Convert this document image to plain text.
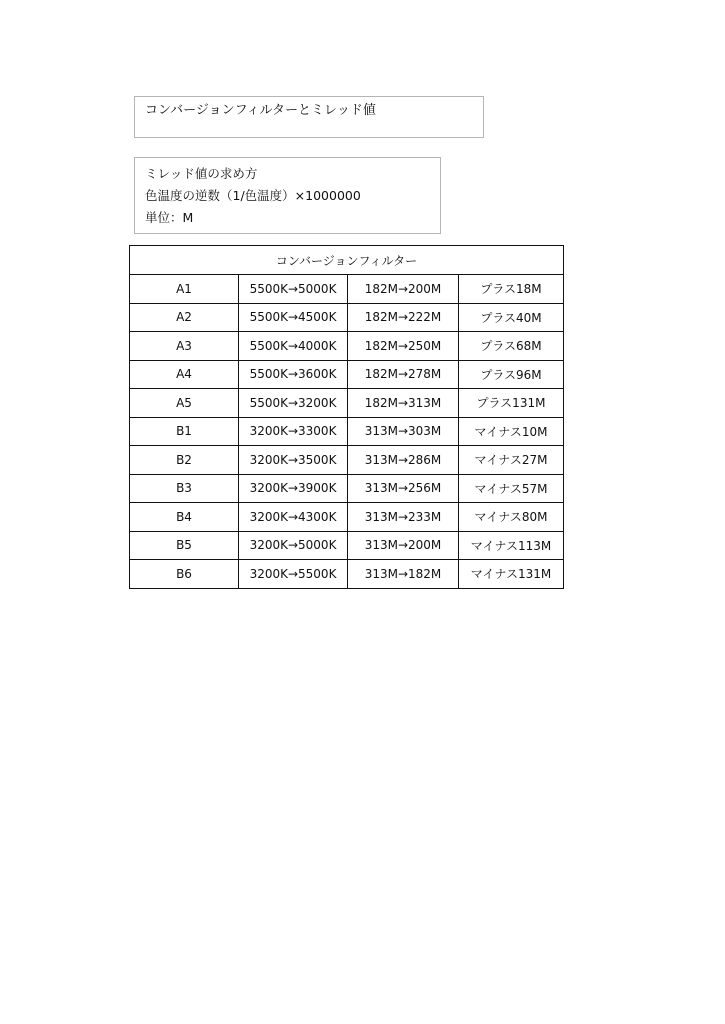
コンバージョンフィルターとミレッド値
ミレッド値の求め方
色温度の逆数（1/色温度）×1000000
単位：M
コンバージョンフィルター			
A1	5500K→5000K	182M→200M	プラス18M
A2	5500K→4500K	182M→222M	プラス40M
A3	5500K→4000K	182M→250M	プラス68M
A4	5500K→3600K	182M→278M	プラス96M
A5	5500K→3200K	182M→313M	プラス131M
B1	3200K→3300K	313M→303M	マイナス10M
B2	3200K→3500K	313M→286M	マイナス27M
B3	3200K→3900K	313M→256M	マイナス57M
B4	3200K→4300K	313M→233M	マイナス80M
B5	3200K→5000K	313M→200M	マイナス113M
B6	3200K→5500K	313M→182M	マイナス131M
